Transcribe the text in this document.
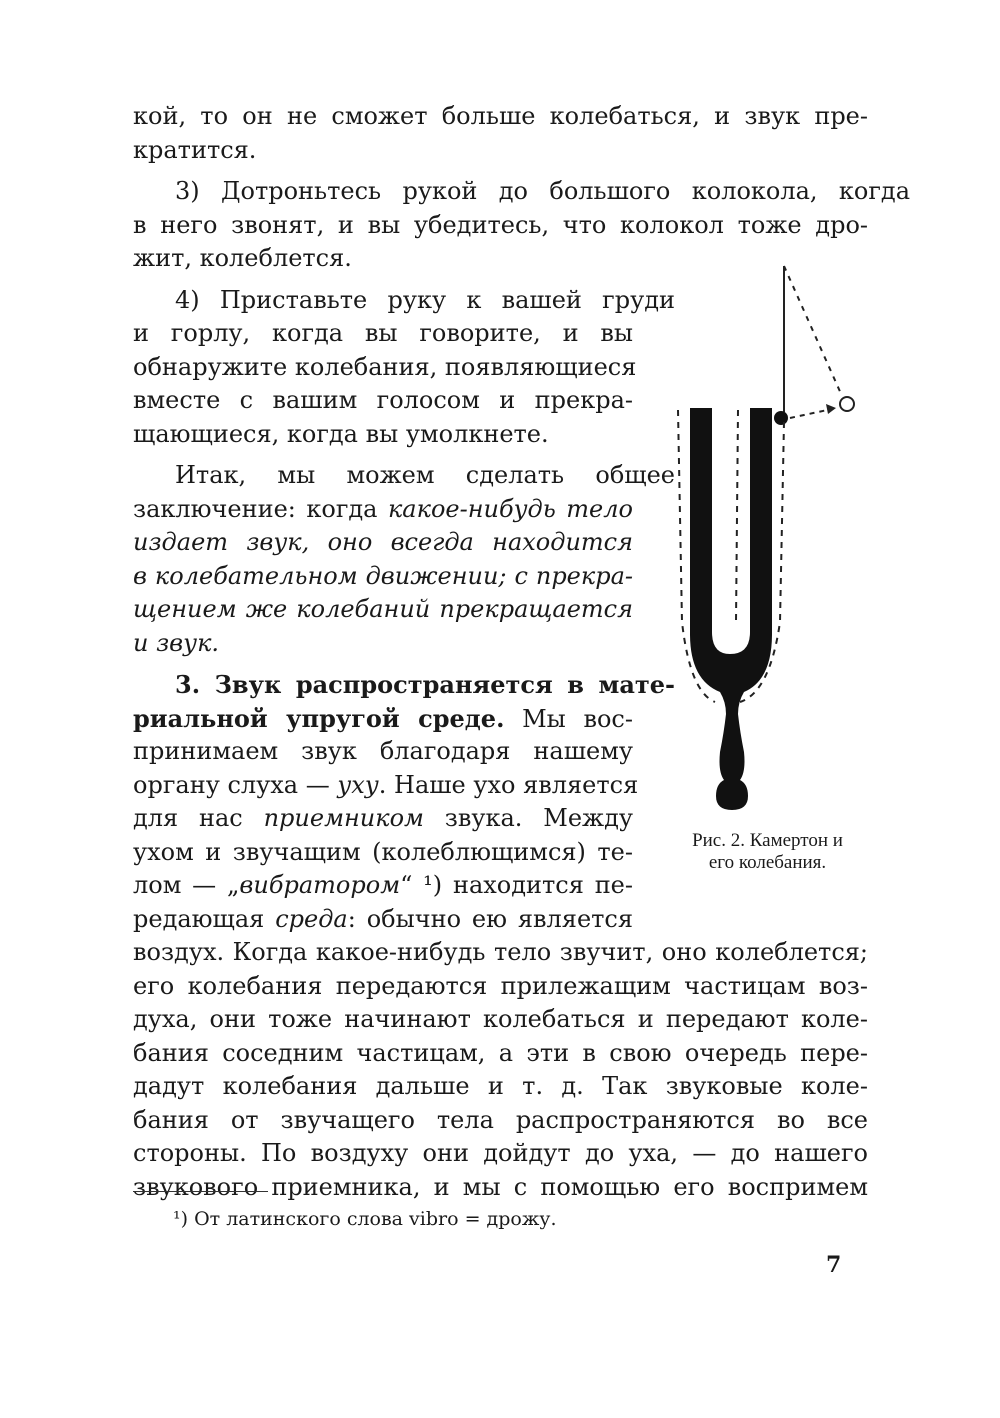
кой, то он не сможет больше колебаться, и звук пре-
кратится.
3) Дотроньтесь рукой до большого колокола, когда
в него звонят, и вы убедитесь, что колокол тоже дро-
жит, колеблется.
4) Приставьте руку к вашей груди
и горлу, когда вы говорите, и вы
обнаружите колебания, появляющиеся
вместе с вашим голосом и прекра-
щающиеся, когда вы умолкнете.
Итак, мы можем сделать общее
заключение: когда какое-нибудь тело
издает звук, оно всегда находится
в колебательном движении; с прекра-
щением же колебаний прекращается
и звук.
3. Звук распространяется в мате-
риальной упругой среде. Мы вос-
принимаем звук благодаря нашему
органу слуха — уху. Наше ухо является
для нас приемником звука. Между
ухом и звучащим (колеблющимся) те-
лом — „вибратором“ ¹) находится пе-
редающая среда: обычно ею является
воздух. Когда какое-нибудь тело звучит, оно колеблется;
его колебания передаются прилежащим частицам воз-
духа, они тоже начинают колебаться и передают коле-
бания соседним частицам, а эти в свою очередь пере-
дадут колебания дальше и т. д. Так звуковые коле-
бания от звучащего тела распространяются во все
стороны. По воздуху они дойдут до уха, — до нашего
звукового приемника, и мы с помощью его воспримем
Рис. 2. Камертон и
его колебания.
¹) От латинского слова vibro = дрожу.
7
